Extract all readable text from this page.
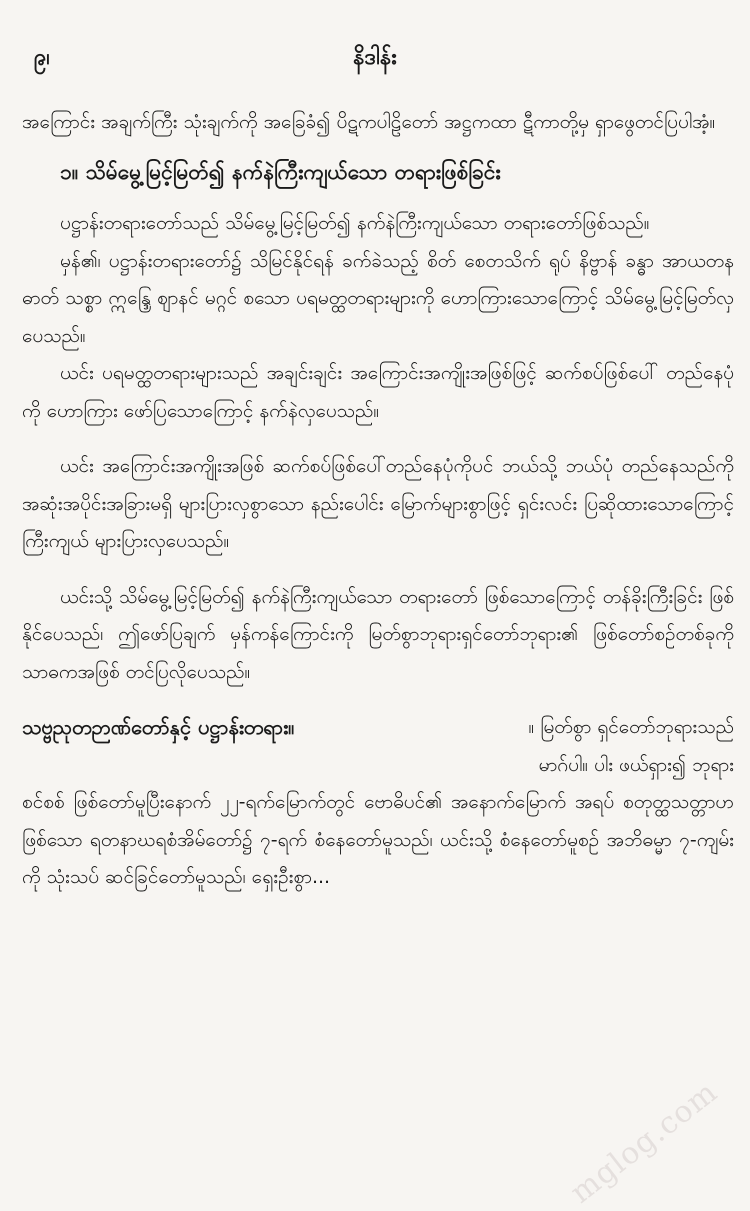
၉၊	နိဒါန်း

အကြောင်း အချက်ကြီး သုံးချက်ကို အခြေခံ၍ ပိဋကပါဠိတော် အဋ္ဌကထာ ဋီကာတို့မှ ရှာဖွေတင်ပြပါအံ့။

၁။ သိမ်မွေ့မြင့်မြတ်၍ နက်နဲကြီးကျယ်သော တရားဖြစ်ခြင်း

ပဋ္ဌာန်းတရားတော်သည် သိမ်မွေ့မြင့်မြတ်၍ နက်နဲကြီးကျယ်သော တရားတော်ဖြစ်သည်။

မှန်၏၊ ပဋ္ဌာန်းတရားတော်၌ သိမြင်နိုင်ရန် ခက်ခဲသည့် စိတ် စေတသိက် ရုပ် နိဗ္ဗာန် ခန္ဓာ အာယတန ဓာတ် သစ္စာ ဣန္ဒြေ ဈာနင် မဂ္ဂင် စသော ပရမတ္ထတရားများကို ဟောကြားသောကြောင့် သိမ်မွေ့မြင့်မြတ်လှပေသည်။

ယင်း ပရမတ္ထတရားများသည် အချင်းချင်း အကြောင်းအကျိုးအဖြစ်ဖြင့် ဆက်စပ်ဖြစ်ပေါ် တည်နေပုံကို ဟောကြား ဖော်ပြသောကြောင့် နက်နဲလှပေသည်။

ယင်း အကြောင်းအကျိုးအဖြစ် ဆက်စပ်ဖြစ်ပေါ်တည်နေပုံကိုပင် ဘယ်သို့ ဘယ်ပုံ တည်နေသည်ကို အဆုံးအပိုင်းအခြားမရှိ များပြားလှစွာသော နည်းပေါင်း မြောက်များစွာဖြင့် ရှင်းလင်း ပြဆိုထားသောကြောင့် ကြီးကျယ် များပြားလှပေသည်။

ယင်းသို့ သိမ်မွေ့မြင့်မြတ်၍ နက်နဲကြီးကျယ်သော တရားတော် ဖြစ်သောကြောင့် တန်ခိုးကြီးခြင်း ဖြစ်နိုင်ပေသည်၊ ဤဖော်ပြချက် မှန်ကန်ကြောင်းကို မြတ်စွာဘုရားရှင်တော်ဘုရား၏ ဖြစ်တော်စဉ်တစ်ခုကို သာဓကအဖြစ် တင်ပြလိုပေသည်။

သဗ္ဗညုတဉာဏ်တော်နှင့် ပဋ္ဌာန်းတရား။	။ မြတ်စွာ ရှင်တော်ဘုရားသည်

မာဂ်ပါ။ ပါး ဖယ်ရှား၍ ဘုရား

စင်စစ် ဖြစ်တော်မူပြီးနောက် ၂၂-ရက်မြောက်တွင် ဗောဓိပင်၏ အနောက်မြောက် အရပ် စတုတ္ထသတ္တာဟဖြစ်သော ရတနာဃရစံအိမ်တော်၌ ၇-ရက် စံနေတော်မူသည်၊ ယင်းသို့ စံနေတော်မူစဉ် အဘိဓမ္မာ ၇-ကျမ်းကို သုံးသပ် ဆင်ခြင်တော်မူသည်၊ ရှေးဦးစွာ...

mglog.com
